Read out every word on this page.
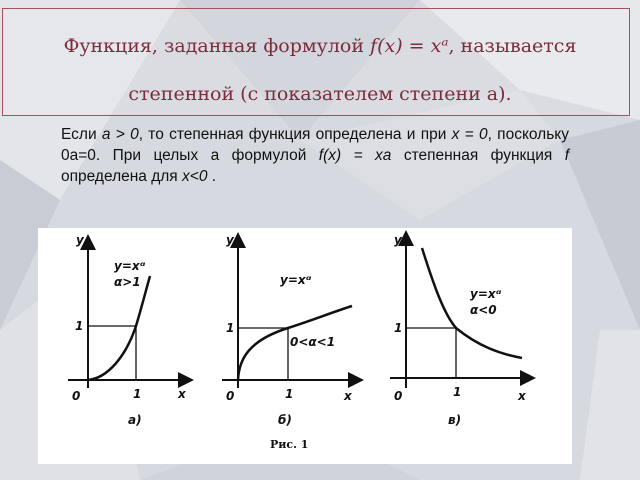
Функция, заданная формулой f(x) = xᵃ, называется
степенной (с показателем степени а).
Если а > 0, то степенная функция определена и при x = 0, поскольку 0а=0. При целых а формулой f(x) = xa степенная функция f определена для x<0 .
y
x
0	1
1
y=xᵅ
α>1
а)
y
x
0	1
1
y=xᵅ
0<α<1
б)
y
x
0	1
1
y=xᵅ
α<0
в)
Рис. 1
